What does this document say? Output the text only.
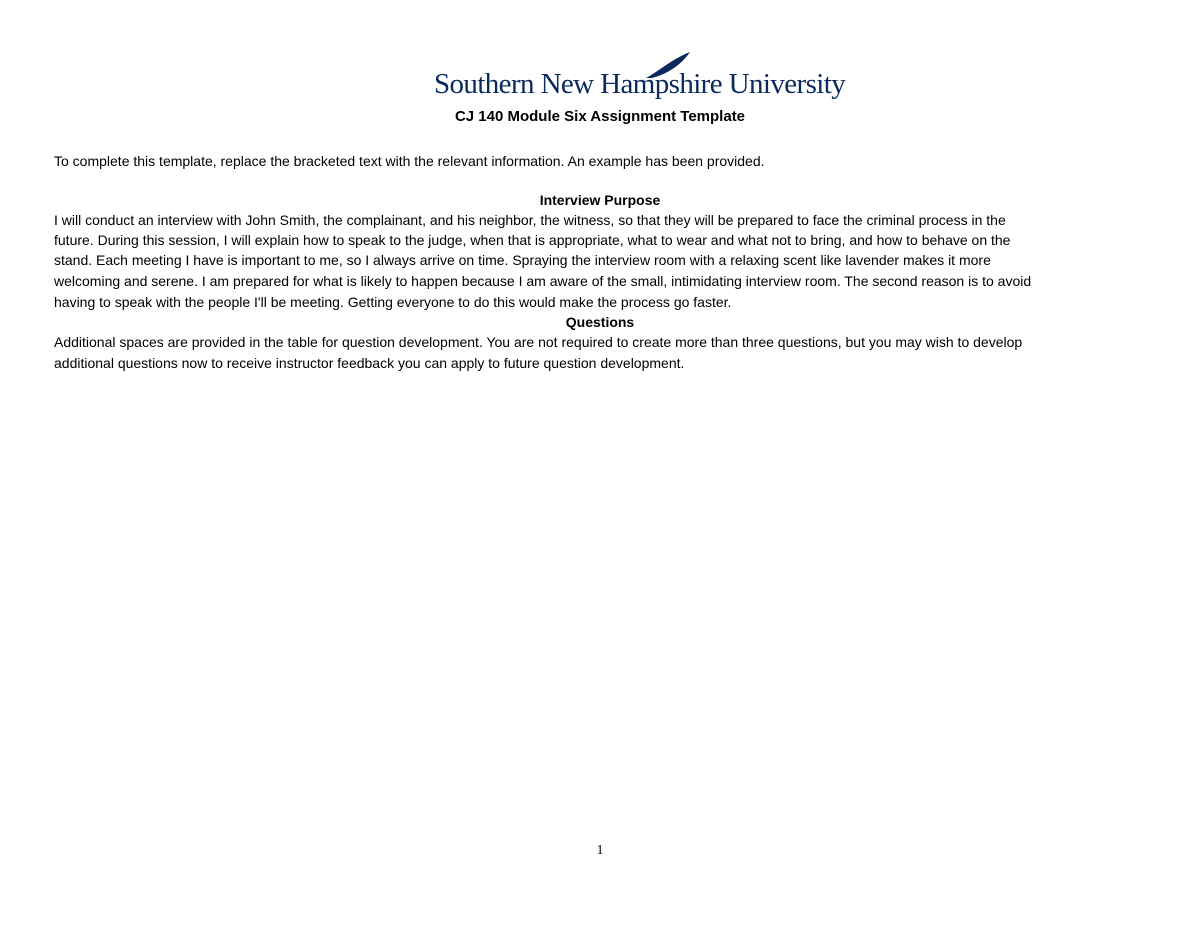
Southern New Hampshire University
CJ 140 Module Six Assignment Template
To complete this template, replace the bracketed text with the relevant information. An example has been provided.
Interview Purpose
I will conduct an interview with John Smith, the complainant, and his neighbor, the witness, so that they will be prepared to face the criminal process in the
future. During this session, I will explain how to speak to the judge, when that is appropriate, what to wear and what not to bring, and how to behave on the
stand. Each meeting I have is important to me, so I always arrive on time. Spraying the interview room with a relaxing scent like lavender makes it more
welcoming and serene. I am prepared for what is likely to happen because I am aware of the small, intimidating interview room. The second reason is to avoid
having to speak with the people I'll be meeting. Getting everyone to do this would make the process go faster.
Questions
Additional spaces are provided in the table for question development. You are not required to create more than three questions, but you may wish to develop
additional questions now to receive instructor feedback you can apply to future question development.
1
